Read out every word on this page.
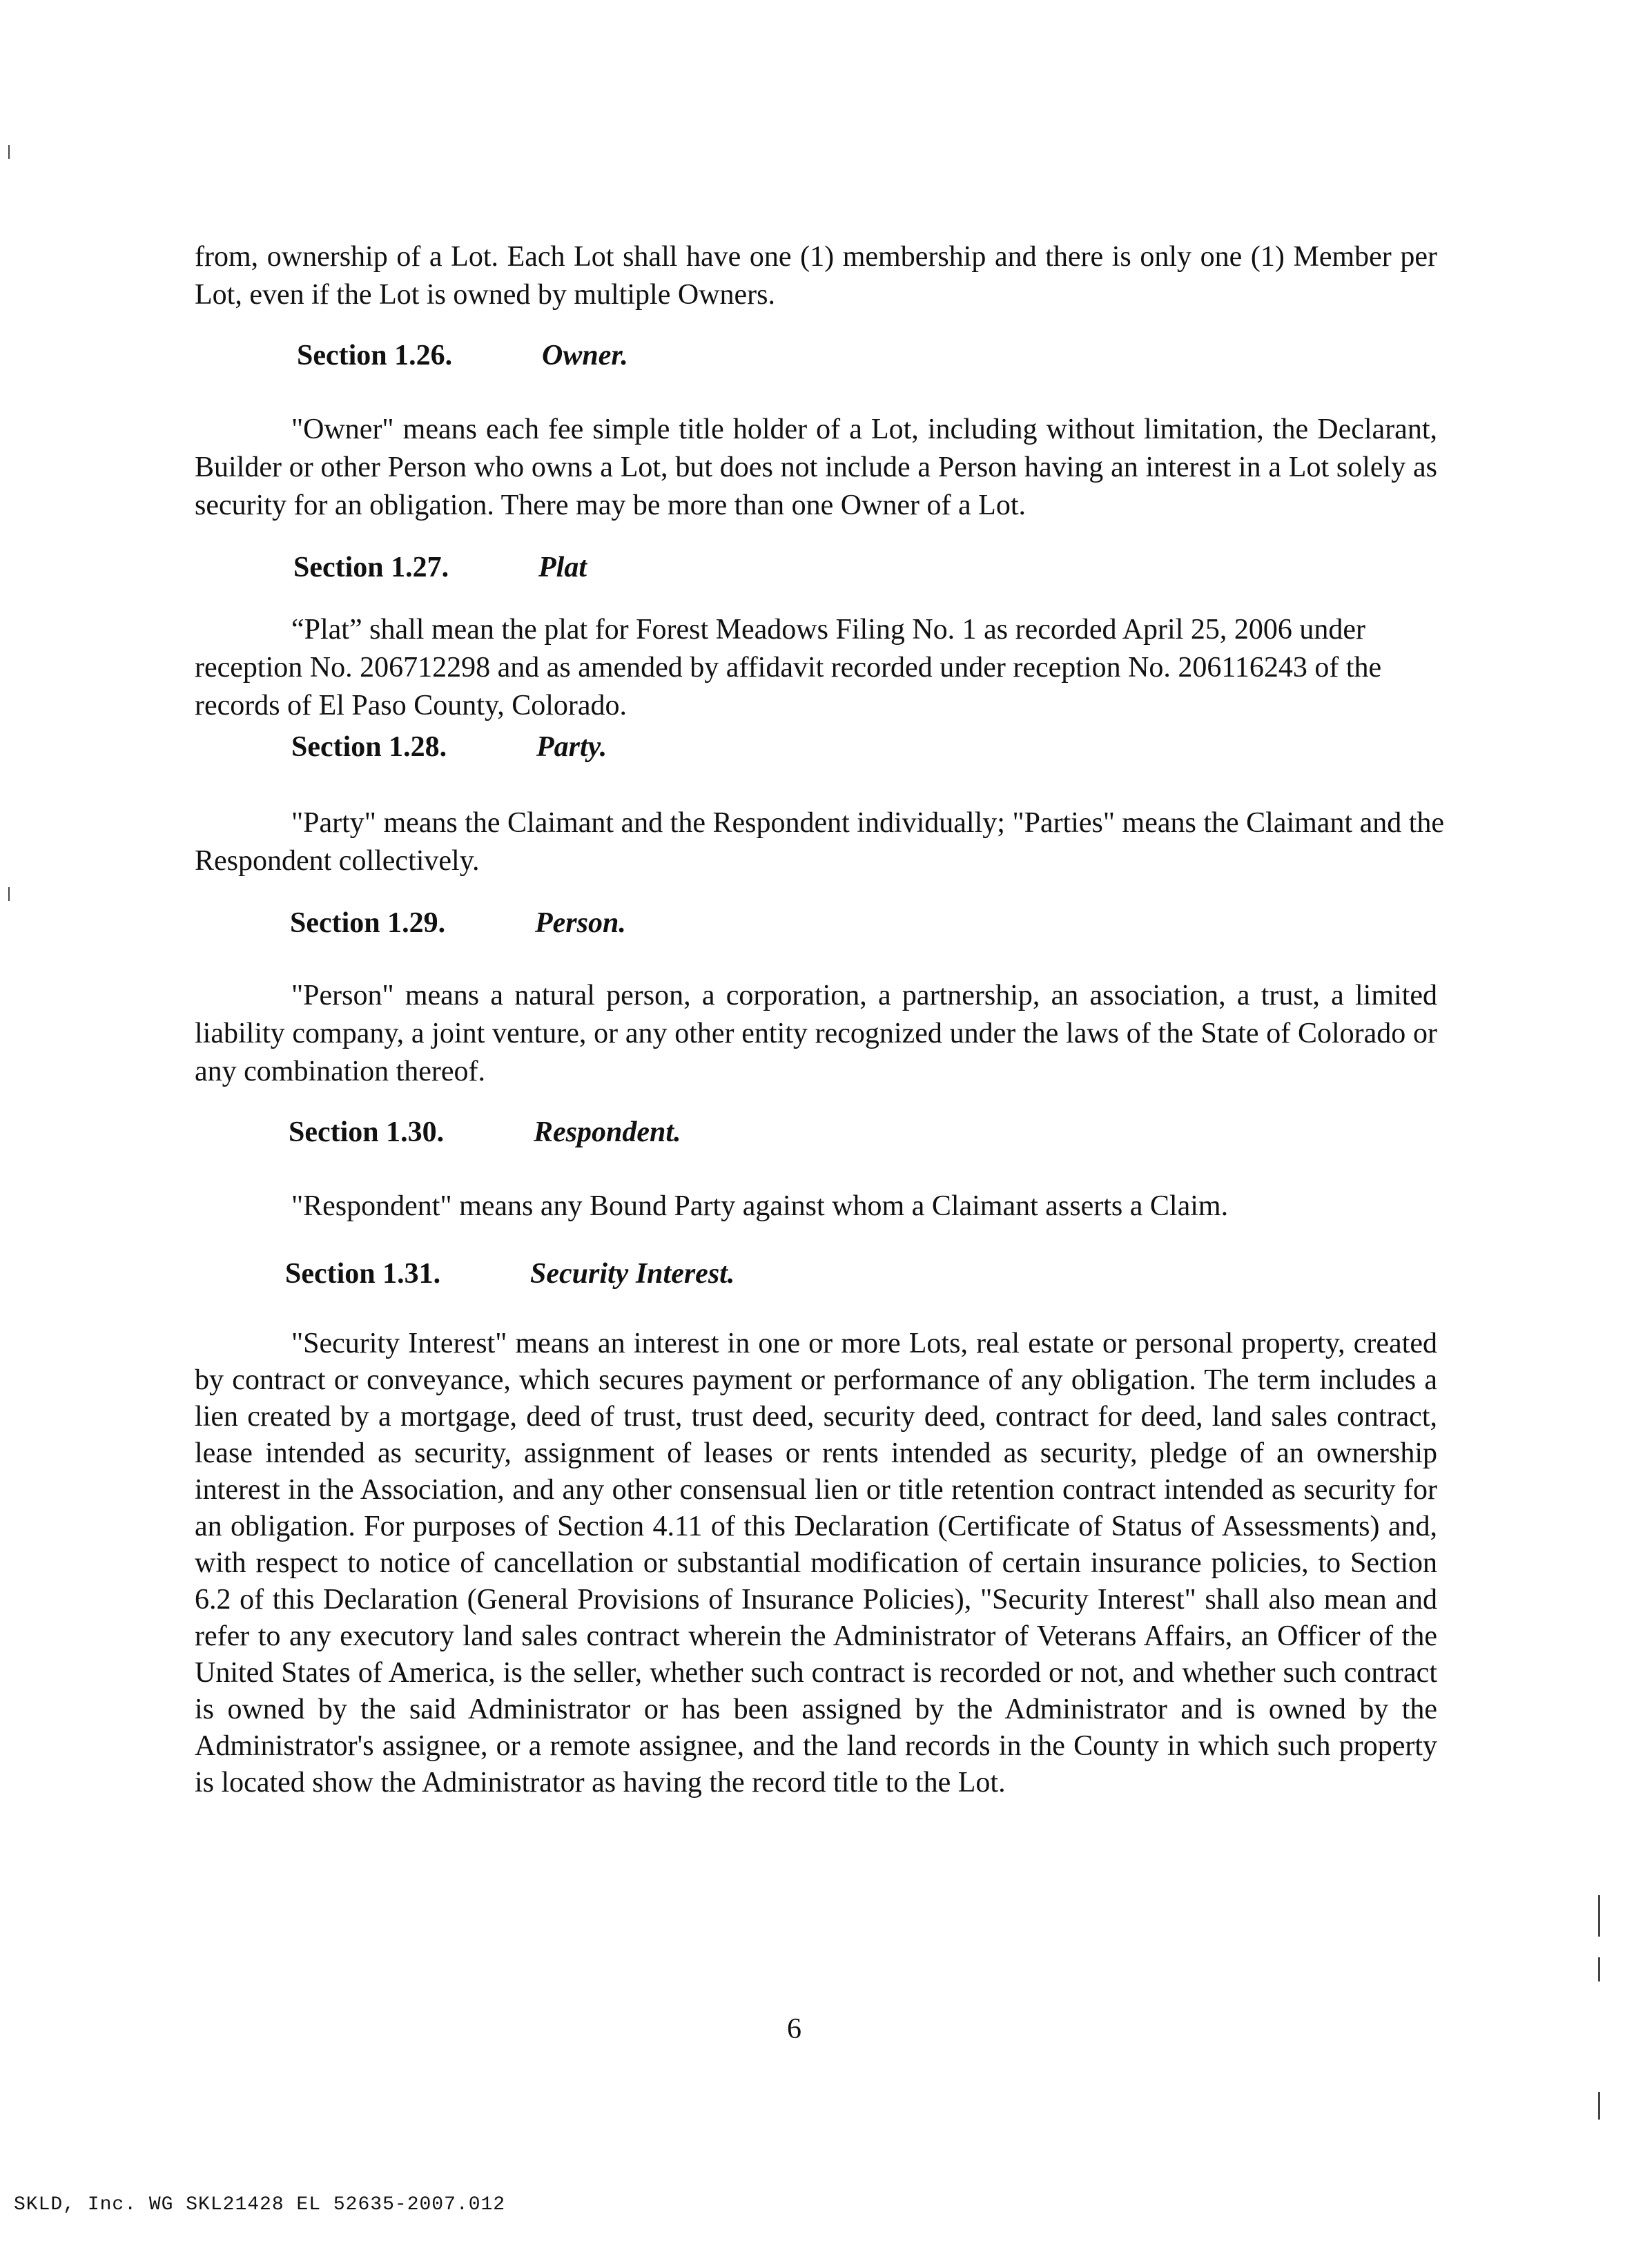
from, ownership of a Lot. Each Lot shall have one (1) membership and there is only one (1) Member per Lot, even if the Lot is owned by multiple Owners.

Section 1.26.	Owner.

"Owner" means each fee simple title holder of a Lot, including without limitation, the Declarant, Builder or other Person who owns a Lot, but does not include a Person having an interest in a Lot solely as security for an obligation. There may be more than one Owner of a Lot.

Section 1.27.	Plat

“Plat” shall mean the plat for Forest Meadows Filing No. 1 as recorded April 25, 2006 under reception No. 206712298 and as amended by affidavit recorded under reception No. 206116243 of the records of El Paso County, Colorado.

Section 1.28.	Party.

"Party" means the Claimant and the Respondent individually; "Parties" means the Claimant and the Respondent collectively.

Section 1.29.	Person.

"Person" means a natural person, a corporation, a partnership, an association, a trust, a limited liability company, a joint venture, or any other entity recognized under the laws of the State of Colorado or any combination thereof.

Section 1.30.	Respondent.

"Respondent" means any Bound Party against whom a Claimant asserts a Claim.

Section 1.31.	Security Interest.

"Security Interest" means an interest in one or more Lots, real estate or personal property, created by contract or conveyance, which secures payment or performance of any obligation. The term includes a lien created by a mortgage, deed of trust, trust deed, security deed, contract for deed, land sales contract, lease intended as security, assignment of leases or rents intended as security, pledge of an ownership interest in the Association, and any other consensual lien or title retention contract intended as security for an obligation. For purposes of Section 4.11 of this Declaration (Certificate of Status of Assessments) and, with respect to notice of cancellation or substantial modification of certain insurance policies, to Section 6.2 of this Declaration (General Provisions of Insurance Policies), "Security Interest" shall also mean and refer to any executory land sales contract wherein the Administrator of Veterans Affairs, an Officer of the United States of America, is the seller, whether such contract is recorded or not, and whether such contract is owned by the said Administrator or has been assigned by the Administrator and is owned by the Administrator's assignee, or a remote assignee, and the land records in the County in which such property is located show the Administrator as having the record title to the Lot.

6
SKLD, Inc. WG SKL21428 EL 52635-2007.012
